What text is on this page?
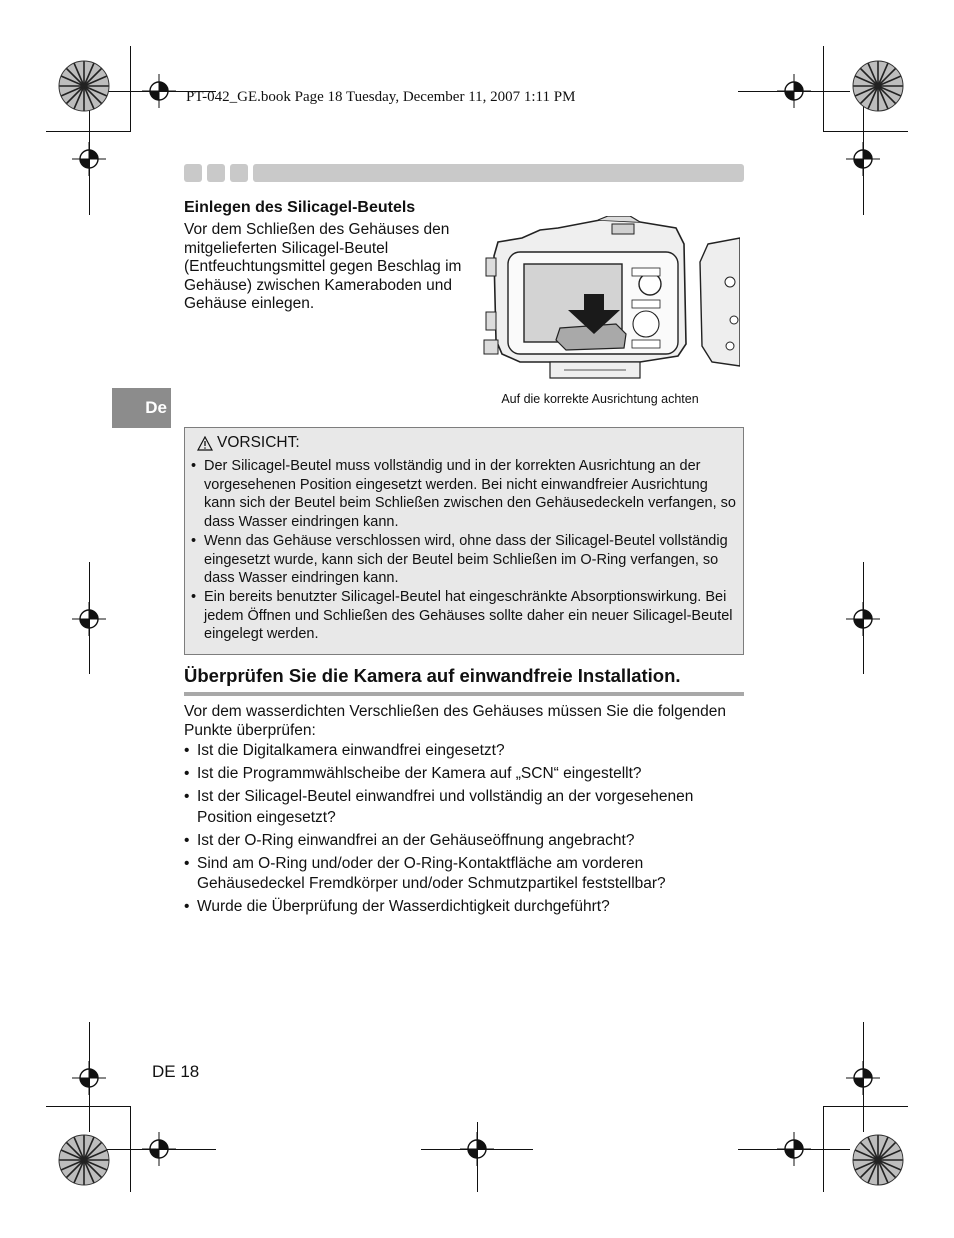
PT-042_GE.book Page 18 Tuesday, December 11, 2007 1:11 PM
De
Einlegen des Silicagel-Beutels
Vor dem Schließen des Gehäuses den mitgelieferten Silicagel-Beutel (Entfeuchtungsmittel gegen Beschlag im Gehäuse) zwischen Kameraboden und Gehäuse einlegen.
Auf die korrekte Ausrichtung achten
VORSICHT:
• Der Silicagel-Beutel muss vollständig und in der korrekten Ausrichtung an der vorgesehenen Position eingesetzt werden. Bei nicht einwandfreier Ausrichtung kann sich der Beutel beim Schließen zwischen den Gehäusedeckeln verfangen, so dass Wasser eindringen kann.
• Wenn das Gehäuse verschlossen wird, ohne dass der Silicagel-Beutel vollständig eingesetzt wurde, kann sich der Beutel beim Schließen im O-Ring verfangen, so dass Wasser eindringen kann.
• Ein bereits benutzter Silicagel-Beutel hat eingeschränkte Absorptionswirkung. Bei jedem Öffnen und Schließen des Gehäuses sollte daher ein neuer Silicagel-Beutel eingelegt werden.
Überprüfen Sie die Kamera auf einwandfreie Installation.
Vor dem wasserdichten Verschließen des Gehäuses müssen Sie die folgenden Punkte überprüfen:
• Ist die Digitalkamera einwandfrei eingesetzt?
• Ist die Programmwählscheibe der Kamera auf „SCN“ eingestellt?
• Ist der Silicagel-Beutel einwandfrei und vollständig an der vorgesehenen Position eingesetzt?
• Ist der O-Ring einwandfrei an der Gehäuseöffnung angebracht?
• Sind am O-Ring und/oder der O-Ring-Kontaktfläche am vorderen Gehäusedeckel Fremdkörper und/oder Schmutzpartikel feststellbar?
• Wurde die Überprüfung der Wasserdichtigkeit durchgeführt?
DE 18
